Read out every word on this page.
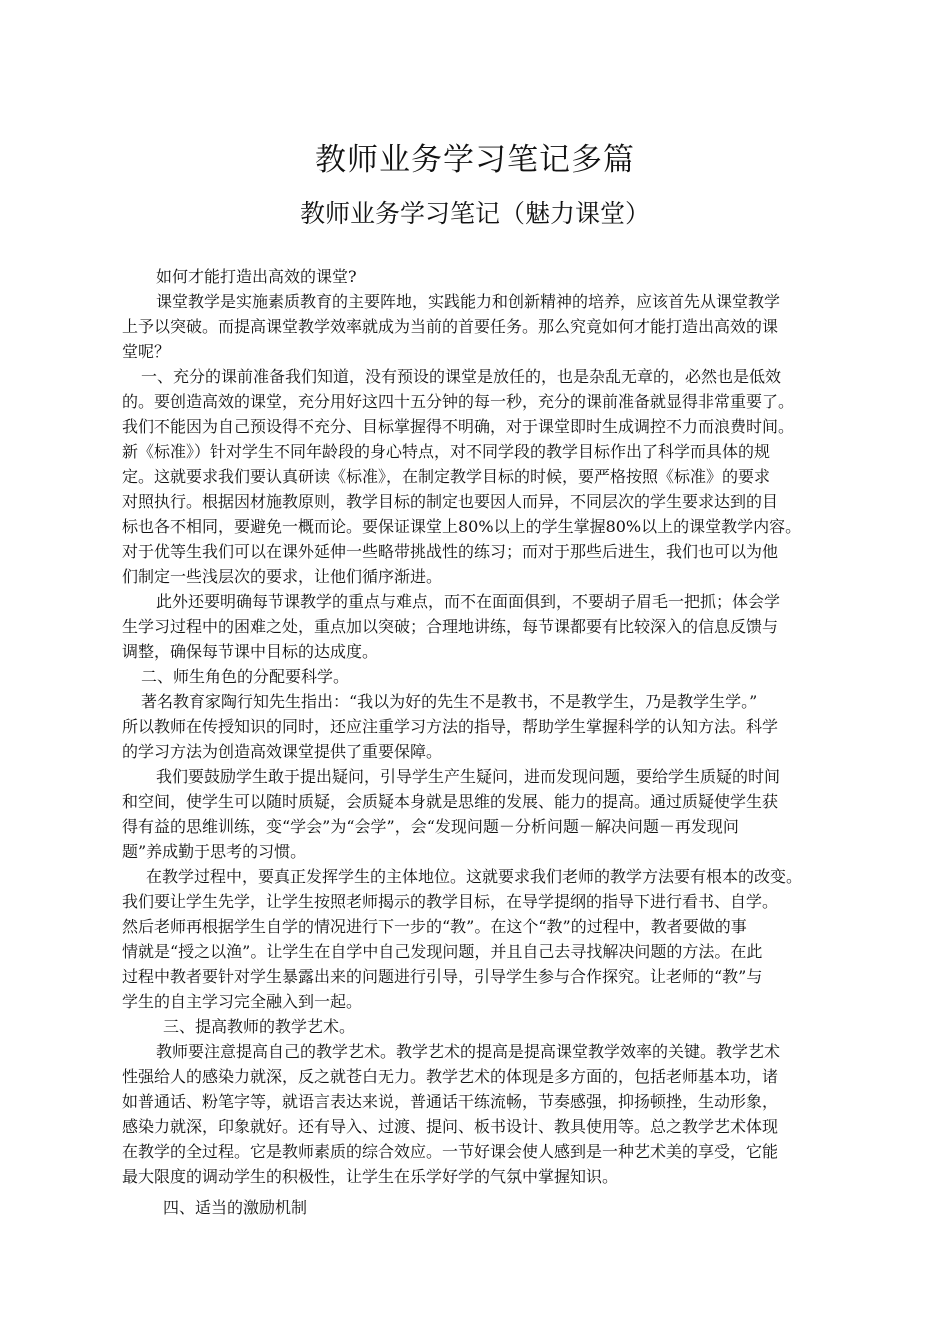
教师业务学习笔记多篇
教师业务学习笔记（魅力课堂）

如何才能打造出高效的课堂?

课堂教学是实施素质教育的主要阵地，实践能力和创新精神的培养，应该首先从课堂教学

上予以突破。而提高课堂教学效率就成为当前的首要任务。那么究竟如何才能打造出高效的课

堂呢？

一、充分的课前准备我们知道，没有预设的课堂是放任的，也是杂乱无章的，必然也是低效

的。要创造高效的课堂，充分用好这四十五分钟的每一秒，充分的课前准备就显得非常重要了。

我们不能因为自己预设得不充分、目标掌握得不明确，对于课堂即时生成调控不力而浪费时间。

新《标准》）针对学生不同年龄段的身心特点，对不同学段的教学目标作出了科学而具体的规

定。这就要求我们要认真研读《标准》，在制定教学目标的时候，要严格按照《标准》的要求

对照执行。根据因材施教原则，教学目标的制定也要因人而异，不同层次的学生要求达到的目

标也各不相同，要避免一概而论。要保证课堂上80%以上的学生掌握80%以上的课堂教学内容。

对于优等生我们可以在课外延伸一些略带挑战性的练习；而对于那些后进生，我们也可以为他

们制定一些浅层次的要求，让他们循序渐进。

此外还要明确每节课教学的重点与难点，而不在面面俱到，不要胡子眉毛一把抓；体会学

生学习过程中的困难之处，重点加以突破；合理地讲练，每节课都要有比较深入的信息反馈与

调整，确保每节课中目标的达成度。

二、师生角色的分配要科学。

著名教育家陶行知先生指出：“我以为好的先生不是教书，不是教学生，乃是教学生学。”

所以教师在传授知识的同时，还应注重学习方法的指导，帮助学生掌握科学的认知方法。科学

的学习方法为创造高效课堂提供了重要保障。

我们要鼓励学生敢于提出疑问，引导学生产生疑问，进而发现问题，要给学生质疑的时间

和空间，使学生可以随时质疑，会质疑本身就是思维的发展、能力的提高。通过质疑使学生获

得有益的思维训练，变“学会”为“会学”，会“发现问题－分析问题－解决问题－再发现问

题”养成勤于思考的习惯。

在教学过程中，要真正发挥学生的主体地位。这就要求我们老师的教学方法要有根本的改变。

我们要让学生先学，让学生按照老师揭示的教学目标，在导学提纲的指导下进行看书、自学。

然后老师再根据学生自学的情况进行下一步的“教”。在这个“教”的过程中，教者要做的事

情就是“授之以渔”。让学生在自学中自己发现问题，并且自己去寻找解决问题的方法。在此

过程中教者要针对学生暴露出来的问题进行引导，引导学生参与合作探究。让老师的“教”与

学生的自主学习完全融入到一起。

三、提高教师的教学艺术。

教师要注意提高自己的教学艺术。教学艺术的提高是提高课堂教学效率的关键。教学艺术

性强给人的感染力就深，反之就苍白无力。教学艺术的体现是多方面的，包括老师基本功，诸

如普通话、粉笔字等，就语言表达来说，普通话干练流畅，节奏感强，抑扬顿挫，生动形象，

感染力就深，印象就好。还有导入、过渡、提问、板书设计、教具使用等。总之教学艺术体现

在教学的全过程。它是教师素质的综合效应。一节好课会使人感到是一种艺术美的享受，它能

最大限度的调动学生的积极性，让学生在乐学好学的气氛中掌握知识。

四、适当的激励机制
